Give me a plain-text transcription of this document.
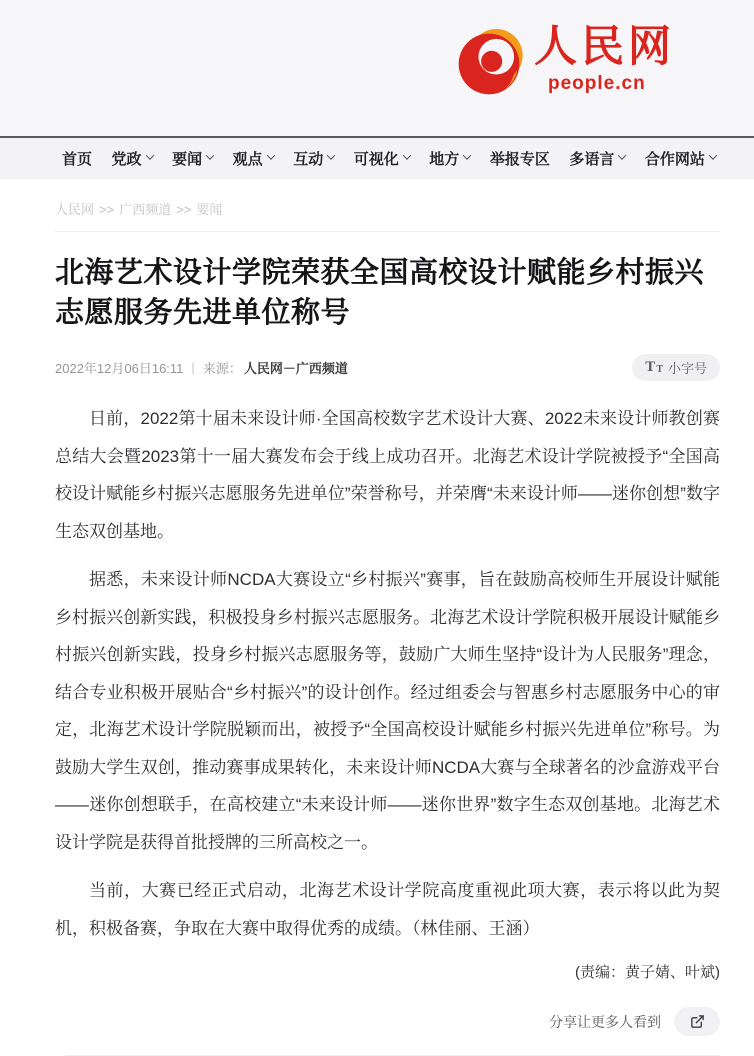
人民网
people.cn
首页 党政 要闻 观点 互动 可视化 地方 举报专区 多语言 合作网站
人民网 >> 广西频道 >> 要闻
北海艺术设计学院荣获全国高校设计赋能乡村振兴志愿服务先进单位称号
2022年12月06日16:11 | 来源： 人民网－广西频道	T T 小字号

日前，2022第十届未来设计师·全国高校数字艺术设计大赛、2022未来设计师教创赛总结大会暨2023第十一届大赛发布会于线上成功召开。北海艺术设计学院被授予“全国高校设计赋能乡村振兴志愿服务先进单位”荣誉称号，并荣膺“未来设计师——迷你创想”数字生态双创基地。

据悉，未来设计师NCDA大赛设立“乡村振兴”赛事，旨在鼓励高校师生开展设计赋能乡村振兴创新实践，积极投身乡村振兴志愿服务。北海艺术设计学院积极开展设计赋能乡村振兴创新实践，投身乡村振兴志愿服务等，鼓励广大师生坚持“设计为人民服务”理念，结合专业积极开展贴合“乡村振兴”的设计创作。经过组委会与智惠乡村志愿服务中心的审定，北海艺术设计学院脱颖而出，被授予“全国高校设计赋能乡村振兴先进单位”称号。为鼓励大学生双创，推动赛事成果转化，未来设计师NCDA大赛与全球著名的沙盒游戏平台——迷你创想联手，在高校建立“未来设计师——迷你世界”数字生态双创基地。北海艺术设计学院是获得首批授牌的三所高校之一。

当前，大赛已经正式启动，北海艺术设计学院高度重视此项大赛，表示将以此为契机，积极备赛，争取在大赛中取得优秀的成绩。（林佳丽、王涵）

(责编：黄子婧、叶斌)
分享让更多人看到
